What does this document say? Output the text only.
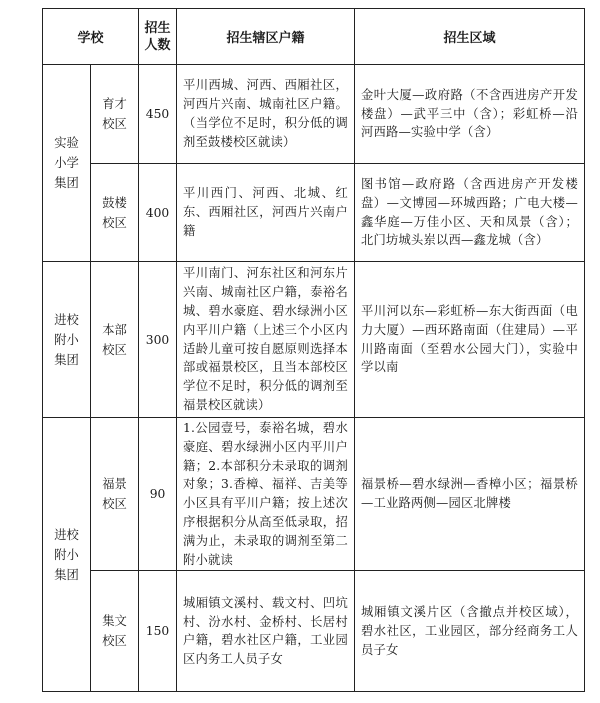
学校		招生人数	招生辖区户籍	招生区域
实验小学集团	育才校区	450	平川西城、河西、西厢社区，河西片兴南、城南社区户籍。（当学位不足时，积分低的调剂至鼓楼校区就读）	金叶大厦—政府路（不含西进房产开发楼盘）—武平三中（含）；彩虹桥—沿河西路—实验中学（含）
	鼓楼校区	400	平川西门、河西、北城、红东、西厢社区，河西片兴南户籍	图书馆—政府路（含西进房产开发楼盘）—文博园—环城西路；广电大楼—鑫华庭—万佳小区、天和凤景（含）；北门坊城头岽以西—鑫龙城（含）
进校附小集团	本部校区	300	平川南门、河东社区和河东片兴南、城南社区户籍，泰裕名城、碧水豪庭、碧水绿洲小区内平川户籍（上述三个小区内适龄儿童可按自愿原则选择本部或福景校区，且当本部校区学位不足时，积分低的调剂至福景校区就读）	平川河以东—彩虹桥—东大街西面（电力大厦）—西环路南面（住建局）—平川路南面（至碧水公园大门），实验中学以南
进校附小集团	福景校区	90	1.公园壹号，泰裕名城，碧水豪庭、碧水绿洲小区内平川户籍；2.本部积分未录取的调剂对象；3.香樟、福祥、吉美等小区具有平川户籍；按上述次序根据积分从高至低录取，招满为止，未录取的调剂至第二附小就读	福景桥—碧水绿洲—香樟小区；福景桥—工业路两侧—园区北牌楼
	集文校区	150	城厢镇文溪村、载文村、凹坑村、汾水村、金桥村、长居村户籍，碧水社区户籍，工业园区内务工人员子女	城厢镇文溪片区（含撤点并校区域），碧水社区，工业园区，部分经商务工人员子女
